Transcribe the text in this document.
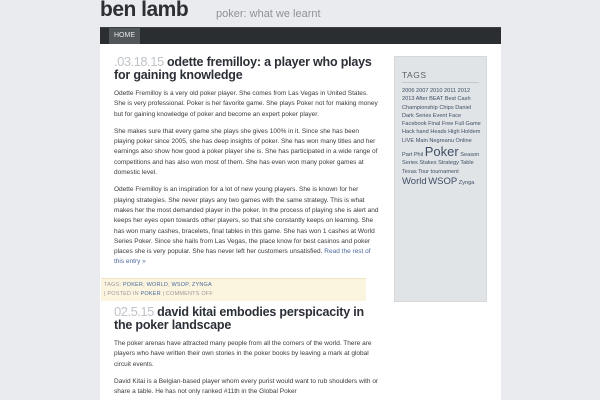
ben lamb	poker: what we learnt
HOME
.03.18.15 odette fremilloy: a player who plays for gaining knowledge

Odette Fremilloy is a very old poker player. She comes from Las Vegas in United States. She is very professional. Poker is her favorite game. She plays Poker not for making money but for gaining knowledge of poker and become an expert poker player.

She makes sure that every game she plays she gives 100% in it. Since she has been playing poker since 2005, she has deep insights of poker. She has won many titles and her earnings also show how good a poker player she is. She has participated in a wide range of competitions and has also won most of them. She has even won many poker games at domestic level.

Odette Fremilloy is an inspiration for a lot of new young players. She is known for her playing strategies. She never plays any two games with the same strategy. This is what makes her the most demanded player in the poker. In the process of playing she is alert and keeps her eyes open towards other players, so that she constantly keeps on learning. She has won many cashes, bracelets, final tables in this game. She has won 1 cashes at World Series Poker. Since she hails from Las Vegas, the place know for best casinos and poker places she is very popular. She has never left her customers unsatisfied. Read the rest of this entry »

TAGS: POKER, WORLD, WSOP, ZYNGA
| POSTED IN POKER | COMMENTS OFF
02.5.15 david kitai embodies perspicacity in the poker landscape

The poker arenas have attracted many people from all the corners of the world. There are players who have written their own stories in the poker books by leaving a mark at global circuit events.

David Kitai is a Belgian-based player whom every purist would want to rub shoulders with or share a table. He has not only ranked #11th in the Global Poker

TAGS
2006 2007 2010 2011 2012 2013 After BEAT Best Cash Championship Chips Daniel Dark Series Event Face Facebook Final Free Full Game Hack hand Heads High Holdem LIVE Main Negreanu Online Part Phil Poker Season Series Stakes Strategy Table Texas Tour tournament World WSOP Zynga
